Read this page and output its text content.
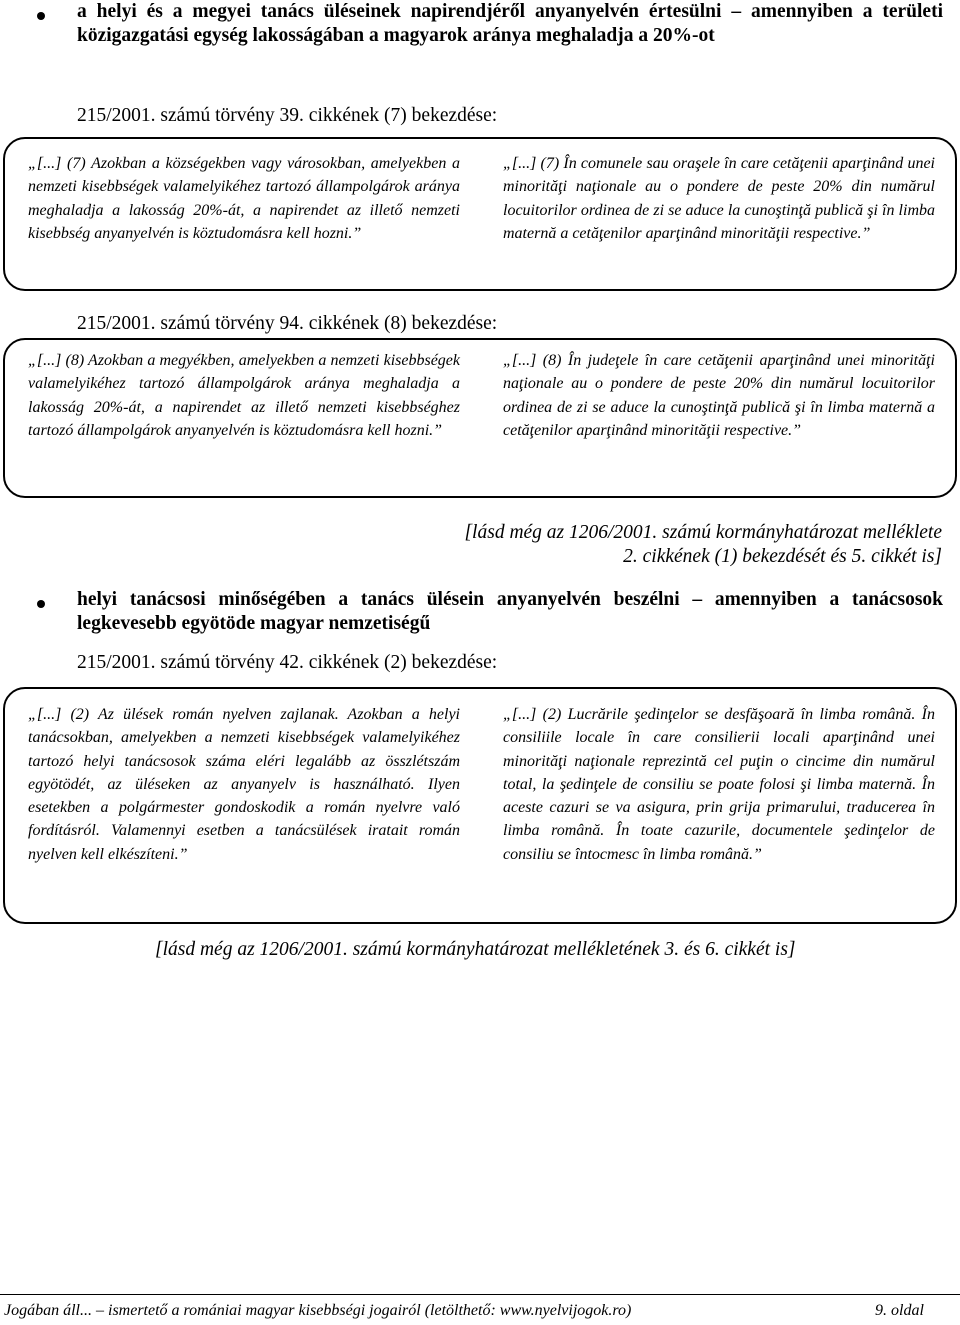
a helyi és a megyei tanács üléseinek napirendjéről anyanyelvén értesülni – amennyiben a területi közigazgatási egység lakosságában a magyarok aránya meghaladja a 20%-ot
215/2001. számú törvény 39. cikkének (7) bekezdése:
„[...] (7) Azokban a községekben vagy városokban, amelyekben a nemzeti kisebbségek valamelyikéhez tartozó állampolgárok aránya meghaladja a lakosság 20%-át, a napirendet az illető nemzeti kisebbség anyanyelvén is köztudomásra kell hozni.”
„[...] (7) În comunele sau oraşele în care cetăţenii aparţinând unei minorităţi naţionale au o pondere de peste 20% din numărul locuitorilor ordinea de zi se aduce la cunoştinţă publică şi în limba maternă a cetăţenilor aparţinând minorităţii respective.”
215/2001. számú törvény 94. cikkének (8) bekezdése:
„[...] (8) Azokban a megyékben, amelyekben a nemzeti kisebbségek valamelyikéhez tartozó állampolgárok aránya meghaladja a lakosság 20%-át, a napirendet az illető nemzeti kisebbséghez tartozó állampolgárok anyanyelvén is köztudomásra kell hozni.”
„[...] (8) În judeţele în care cetăţenii aparţinând unei minorităţi naţionale au o pondere de peste 20% din numărul locuitorilor ordinea de zi se aduce la cunoştinţă publică şi în limba maternă a cetăţenilor aparţinând minorităţii respective.”
[lásd még az 1206/2001. számú kormányhatározat melléklete
2. cikkének (1) bekezdését és 5. cikkét is]
helyi tanácsosi minőségében a tanács ülésein anyanyelvén beszélni – amennyiben a tanácsosok legkevesebb egyötöde magyar nemzetiségű
215/2001. számú törvény 42. cikkének (2) bekezdése:
„[...] (2) Az ülések román nyelven zajlanak. Azokban a helyi tanácsokban, amelyekben a nemzeti kisebbségek valamelyikéhez tartozó helyi tanácsosok száma eléri legalább az összlétszám egyötödét, az üléseken az anyanyelv is használható. Ilyen esetekben a polgármester gondoskodik a román nyelvre való fordításról. Valamennyi esetben a tanácsülések iratait román nyelven kell elkészíteni.”
„[...] (2) Lucrările şedinţelor se desfăşoară în limba română. În consiliile locale în care consilierii locali aparţinând unei minorităţi naţionale reprezintă cel puţin o cincime din numărul total, la şedinţele de consiliu se poate folosi şi limba maternă. În aceste cazuri se va asigura, prin grija primarului, traducerea în limba română. În toate cazurile, documentele şedinţelor de consiliu se întocmesc în limba română.”
[lásd még az 1206/2001. számú kormányhatározat mellékletének 3. és 6. cikkét is]
Jogában áll... – ismertető a romániai magyar kisebbségi jogairól (letölthető: www.nyelvijogok.ro)	9. oldal
